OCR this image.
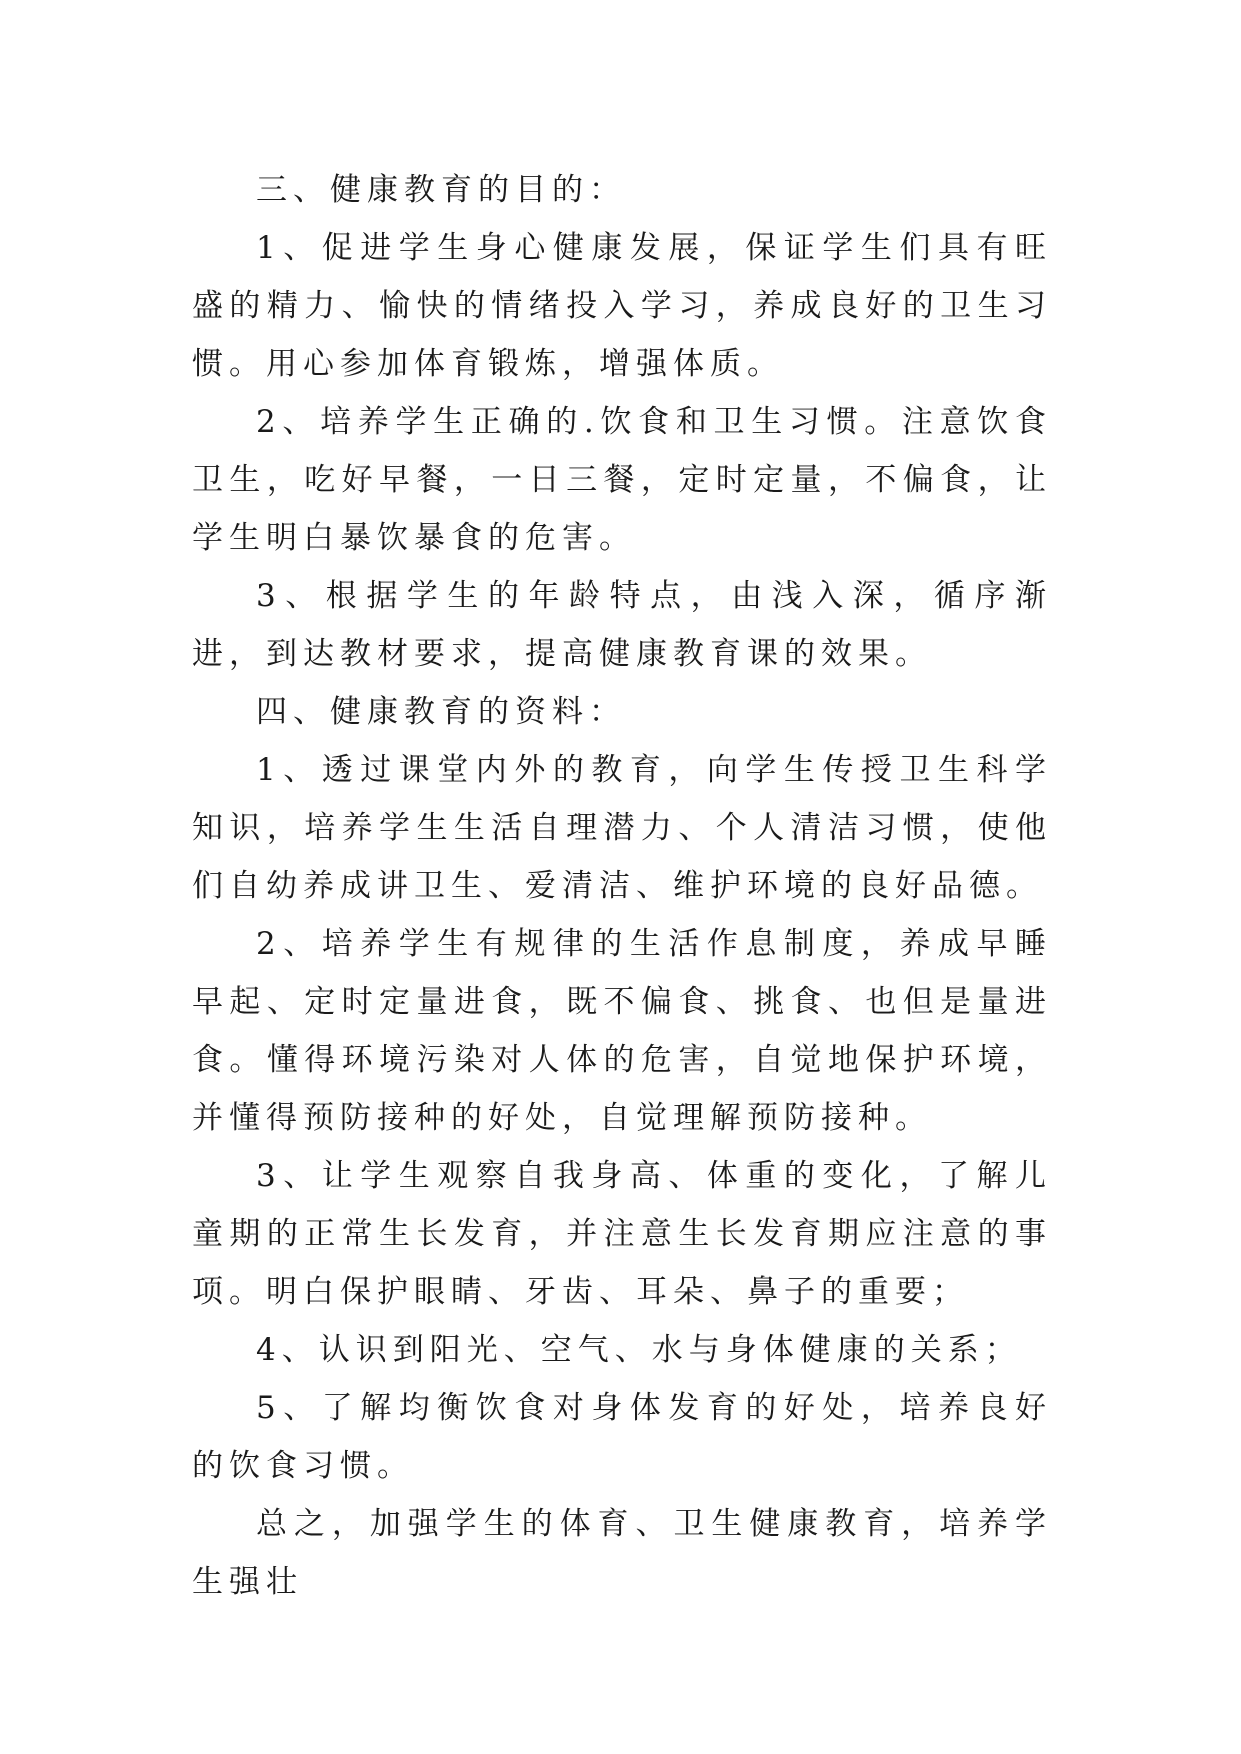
三、健康教育的目的：

1、促进学生身心健康发展，保证学生们具有旺盛的精力、愉快的情绪投入学习，养成良好的卫生习惯。用心参加体育锻炼，增强体质。

2、培养学生正确的.饮食和卫生习惯。注意饮食卫生，吃好早餐，一日三餐，定时定量，不偏食，让学生明白暴饮暴食的危害。

3、根据学生的年龄特点，由浅入深，循序渐进，到达教材要求，提高健康教育课的效果。

四、健康教育的资料：

1、透过课堂内外的教育，向学生传授卫生科学知识，培养学生生活自理潜力、个人清洁习惯，使他们自幼养成讲卫生、爱清洁、维护环境的良好品德。

2、培养学生有规律的生活作息制度，养成早睡早起、定时定量进食，既不偏食、挑食、也但是量进食。懂得环境污染对人体的危害，自觉地保护环境，并懂得预防接种的好处，自觉理解预防接种。

3、让学生观察自我身高、体重的变化，了解儿童期的正常生长发育，并注意生长发育期应注意的事项。明白保护眼睛、牙齿、耳朵、鼻子的重要；

4、认识到阳光、空气、水与身体健康的关系；

5、了解均衡饮食对身体发育的好处，培养良好的饮食习惯。

总之，加强学生的体育、卫生健康教育，培养学生强壮
